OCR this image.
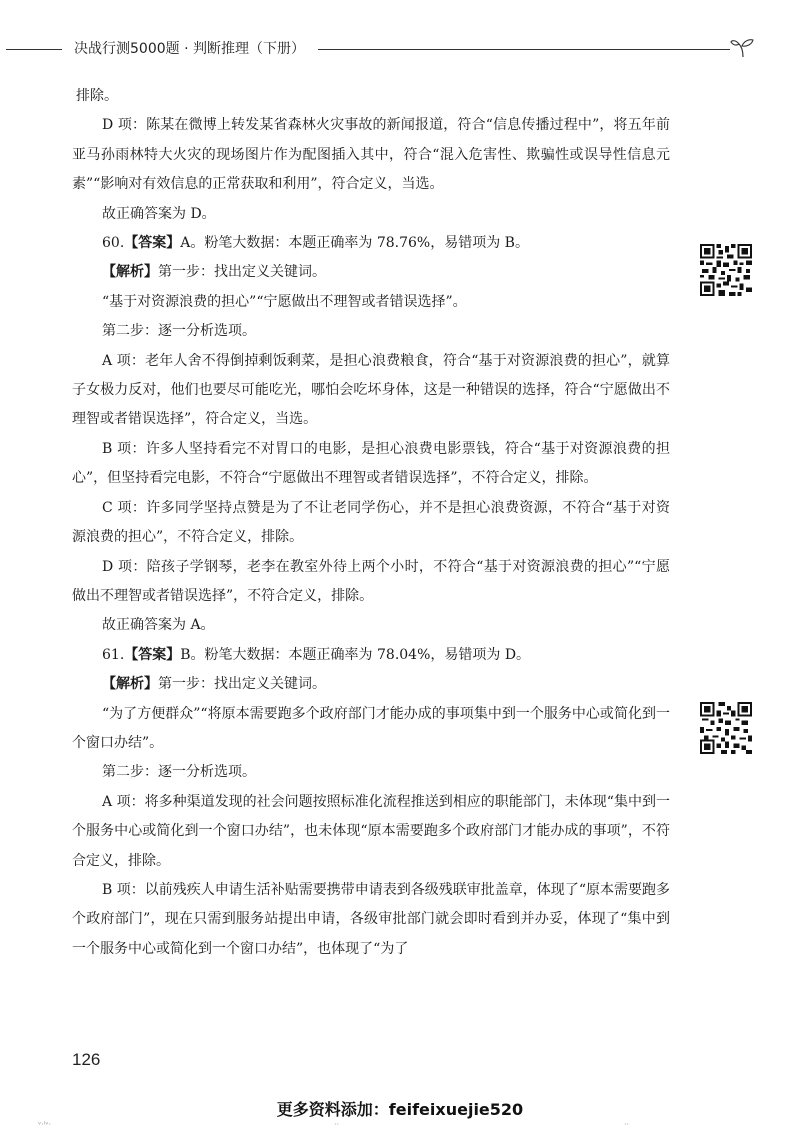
决战行测5000题 · 判断推理（下册）

排除。

D 项：陈某在微博上转发某省森林火灾事故的新闻报道，符合“信息传播过程中”，将五年前亚马孙雨林特大火灾的现场图片作为配图插入其中，符合“混入危害性、欺骗性或误导性信息元素”“影响对有效信息的正常获取和利用”，符合定义，当选。

故正确答案为 D。

60.【答案】A。粉笔大数据：本题正确率为 78.76%，易错项为 B。

【解析】第一步：找出定义关键词。

“基于对资源浪费的担心”“宁愿做出不理智或者错误选择”。

第二步：逐一分析选项。

A 项：老年人舍不得倒掉剩饭剩菜，是担心浪费粮食，符合“基于对资源浪费的担心”，就算子女极力反对，他们也要尽可能吃光，哪怕会吃坏身体，这是一种错误的选择，符合“宁愿做出不理智或者错误选择”，符合定义，当选。

B 项：许多人坚持看完不对胃口的电影，是担心浪费电影票钱，符合“基于对资源浪费的担心”，但坚持看完电影，不符合“宁愿做出不理智或者错误选择”，不符合定义，排除。

C 项：许多同学坚持点赞是为了不让老同学伤心，并不是担心浪费资源，不符合“基于对资源浪费的担心”，不符合定义，排除。

D 项：陪孩子学钢琴，老李在教室外待上两个小时，不符合“基于对资源浪费的担心”“宁愿做出不理智或者错误选择”，不符合定义，排除。

故正确答案为 A。

61.【答案】B。粉笔大数据：本题正确率为 78.04%，易错项为 D。

【解析】第一步：找出定义关键词。

“为了方便群众”“将原本需要跑多个政府部门才能办成的事项集中到一个服务中心或简化到一个窗口办结”。

第二步：逐一分析选项。

A 项：将多种渠道发现的社会问题按照标准化流程推送到相应的职能部门，未体现“集中到一个服务中心或简化到一个窗口办结”，也未体现“原本需要跑多个政府部门才能办成的事项”，不符合定义，排除。

B 项：以前残疾人申请生活补贴需要携带申请表到各级残联审批盖章，体现了“原本需要跑多个政府部门”，现在只需到服务站提出申请，各级审批部门就会即时看到并办妥，体现了“集中到一个服务中心或简化到一个窗口办结”，也体现了“为了

126
更多资料添加：feifeixuejie520
ᵛ·ˡᵛ·	··	··
